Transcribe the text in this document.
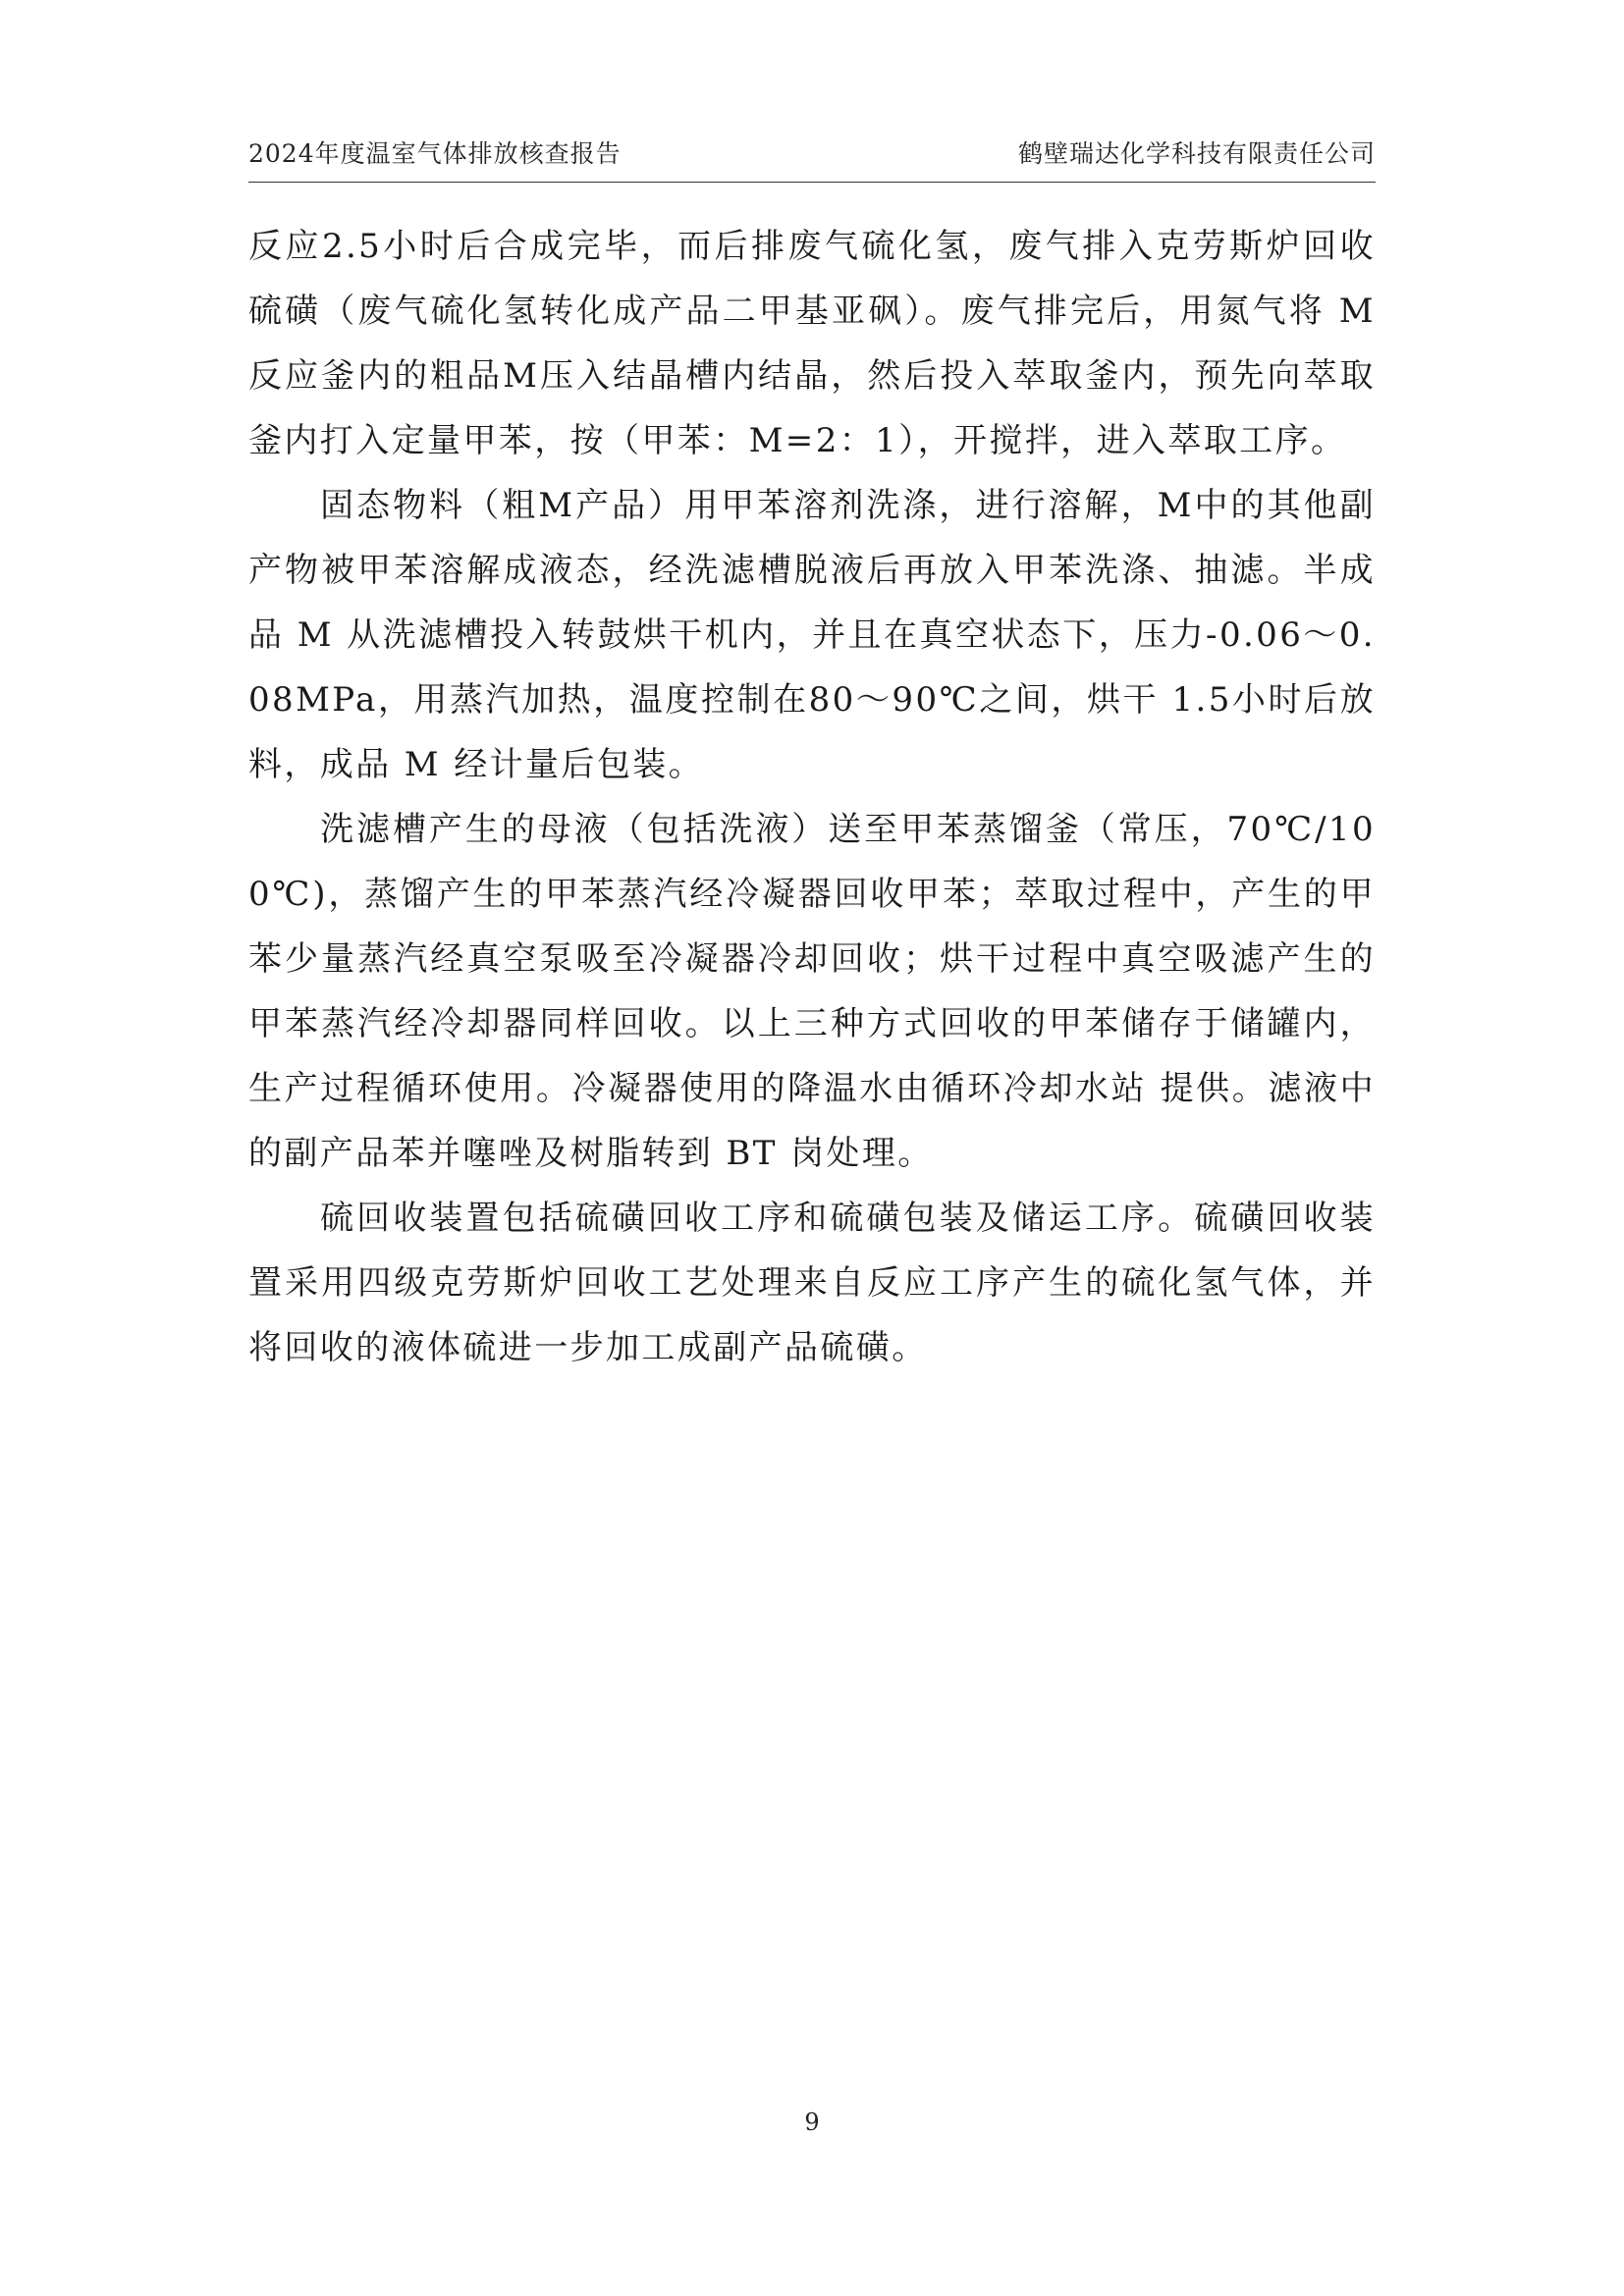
2024年度温室气体排放核查报告	鹤壁瑞达化学科技有限责任公司

反应2.5小时后合成完毕，而后排废气硫化氢，废气排入克劳斯炉回收硫磺（废气硫化氢转化成产品二甲基亚砜）。废气排完后，用氮气将 M 反应釜内的粗品M压入结晶槽内结晶，然后投入萃取釜内，预先向萃取釜内打入定量甲苯，按（甲苯：M=2：1），开搅拌，进入萃取工序。

固态物料（粗M产品）用甲苯溶剂洗涤，进行溶解，M中的其他副产物被甲苯溶解成液态，经洗滤槽脱液后再放入甲苯洗涤、抽滤。半成品 M 从洗滤槽投入转鼓烘干机内，并且在真空状态下，压力-0.06～0.08MPa，用蒸汽加热，温度控制在80～90℃之间，烘干 1.5小时后放料，成品 M 经计量后包装。

洗滤槽产生的母液（包括洗液）送至甲苯蒸馏釜（常压，70℃/100℃)，蒸馏产生的甲苯蒸汽经冷凝器回收甲苯；萃取过程中，产生的甲苯少量蒸汽经真空泵吸至冷凝器冷却回收；烘干过程中真空吸滤产生的甲苯蒸汽经冷却器同样回收。以上三种方式回收的甲苯储存于储罐内，生产过程循环使用。冷凝器使用的降温水由循环冷却水站 提供。滤液中的副产品苯并噻唑及树脂转到 BT 岗处理。

硫回收装置包括硫磺回收工序和硫磺包装及储运工序。硫磺回收装置采用四级克劳斯炉回收工艺处理来自反应工序产生的硫化氢气体，并将回收的液体硫进一步加工成副产品硫磺。

9
